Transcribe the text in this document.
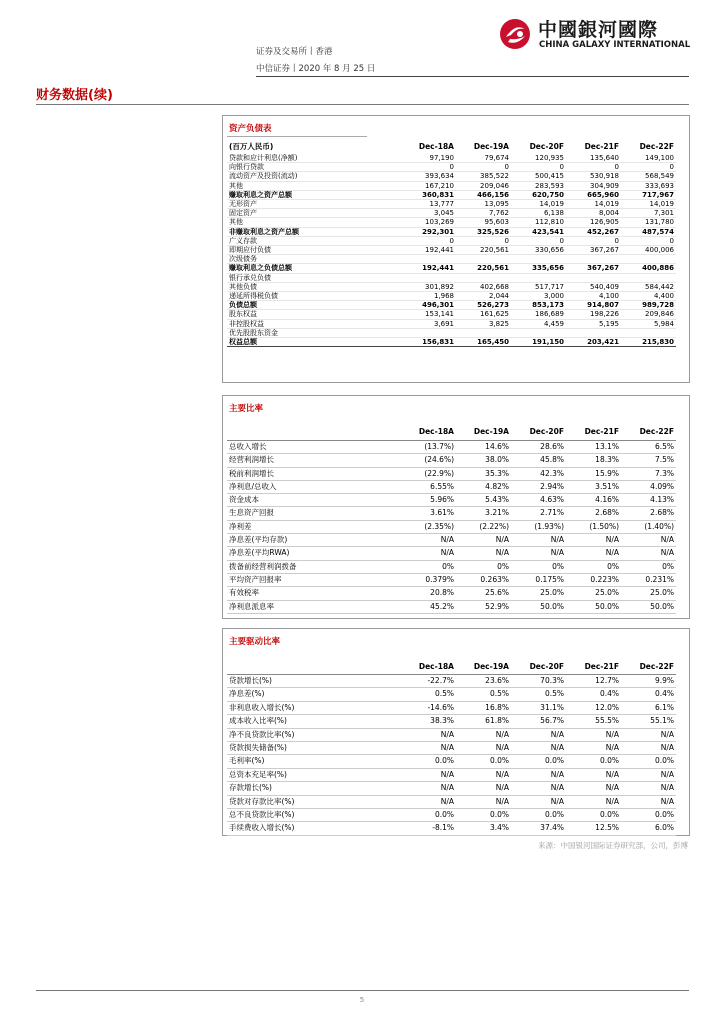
证券及交易所丨香港
中信证券丨2020 年 8 月 25 日
中國銀河國際
CHINA GALAXY INTERNATIONAL
财务数据(续)
资产负债表
(百万人民币)	Dec-18A	Dec-19A	Dec-20F	Dec-21F	Dec-22F
贷款和应计利息(净额)	97,190	79,674	120,935	135,640	149,100
向银行贷款	0	0	0	0	0
流动资产及投资(流动)	393,634	385,522	500,415	530,918	568,549
其他	167,210	209,046	283,593	304,909	333,693
赚取利息之资产总额	360,831	466,156	620,750	665,960	717,967
无形资产	13,777	13,095	14,019	14,019	14,019
固定资产	3,045	7,762	6,138	8,004	7,301
其他	103,269	95,603	112,810	126,905	131,780
非赚取利息之资产总额	292,301	325,526	423,541	452,267	487,574
广义存款	0	0	0	0	0
即期应付负债	192,441	220,561	330,656	367,267	400,006
次级债务					
赚取利息之负债总额	192,441	220,561	335,656	367,267	400,886
银行承兑负债					
其他负债	301,892	402,668	517,717	540,409	584,442
递延所得税负债	1,968	2,044	3,000	4,100	4,400
负债总额	496,301	526,273	853,173	914,807	989,728
股东权益	153,141	161,625	186,689	198,226	209,846
非控股权益	3,691	3,825	4,459	5,195	5,984
优先股股东资金					
权益总额	156,831	165,450	191,150	203,421	215,830
主要比率
	Dec-18A	Dec-19A	Dec-20F	Dec-21F	Dec-22F
总收入增长	(13.7%)	14.6%	28.6%	13.1%	6.5%
经营利润增长	(24.6%)	38.0%	45.8%	18.3%	7.5%
税前利润增长	(22.9%)	35.3%	42.3%	15.9%	7.3%
净利息/总收入	6.55%	4.82%	2.94%	3.51%	4.09%
资金成本	5.96%	5.43%	4.63%	4.16%	4.13%
生息资产回报	3.61%	3.21%	2.71%	2.68%	2.68%
净利差	(2.35%)	(2.22%)	(1.93%)	(1.50%)	(1.40%)
净息差(平均存款)	N/A	N/A	N/A	N/A	N/A
净息差(平均RWA)	N/A	N/A	N/A	N/A	N/A
拨备前经营利润拨备	0%	0%	0%	0%	0%
平均资产回报率	0.379%	0.263%	0.175%	0.223%	0.231%
有效税率	20.8%	25.6%	25.0%	25.0%	25.0%
净利息派息率	45.2%	52.9%	50.0%	50.0%	50.0%
主要驱动比率
	Dec-18A	Dec-19A	Dec-20F	Dec-21F	Dec-22F
贷款增长(%)	-22.7%	23.6%	70.3%	12.7%	9.9%
净息差(%)	0.5%	0.5%	0.5%	0.4%	0.4%
非利息收入增长(%)	-14.6%	16.8%	31.1%	12.0%	6.1%
成本收入比率(%)	38.3%	61.8%	56.7%	55.5%	55.1%
净不良贷款比率(%)	N/A	N/A	N/A	N/A	N/A
贷款损失储备(%)	N/A	N/A	N/A	N/A	N/A
毛利率(%)	0.0%	0.0%	0.0%	0.0%	0.0%
总资本充足率(%)	N/A	N/A	N/A	N/A	N/A
存款增长(%)	N/A	N/A	N/A	N/A	N/A
贷款对存款比率(%)	N/A	N/A	N/A	N/A	N/A
总不良贷款比率(%)	0.0%	0.0%	0.0%	0.0%	0.0%
手续费收入增长(%)	-8.1%	3.4%	37.4%	12.5%	6.0%
来源：中国银河国际证券研究部，公司，彭博
5
